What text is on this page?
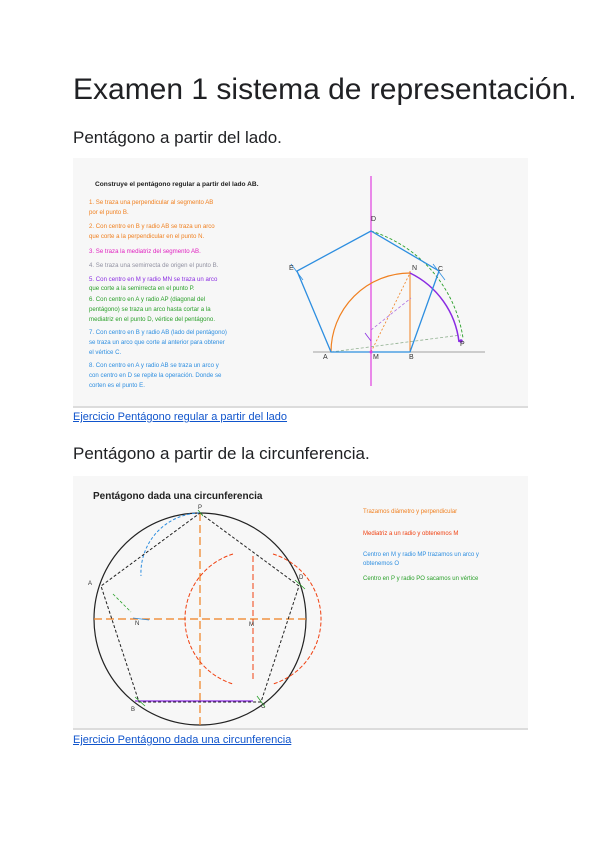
Examen 1 sistema de representación.
Pentágono a partir del lado.
Construye el pentágono regular a partir del lado AB.
1. Se traza una perpendicular al segmento AB
por el punto B.
2. Con centro en B y radio AB se traza un arco
que corte a la perpendicular en el punto N.
3. Se traza la mediatriz del segmento AB.
4. Se traza una semirrecta de origen el punto B.
5. Con centro en M y radio MN se traza un arco
que corte a la semirrecta en el punto P.
6. Con centro en A y radio AP (diagonal del
pentágono) se traza un arco hasta cortar a la
mediatriz en el punto D, vértice del pentágono.
7. Con centro en B y radio AB (lado del pentágono)
se traza un arco que corte al anterior para obtener
el vértice C.
8. Con centro en A y radio AB se traza un arco y
con centro en D se repite la operación. Donde se
corten es el punto E.
A	B
C
D
E
M
N
P
Ejercicio Pentágono regular a partir del lado
Pentágono a partir de la circunferencia.
Pentágono dada una circunferencia
P
A
D
N	M
B	C
Trazamos diámetro y perpendicular
Mediatriz a un radio y obtenemos M
Centro en M y radio MP trazamos un arco y
obtenemos O
Centro en P y radio PO sacamos un vértice
Ejercicio Pentágono dada una circunferencia
